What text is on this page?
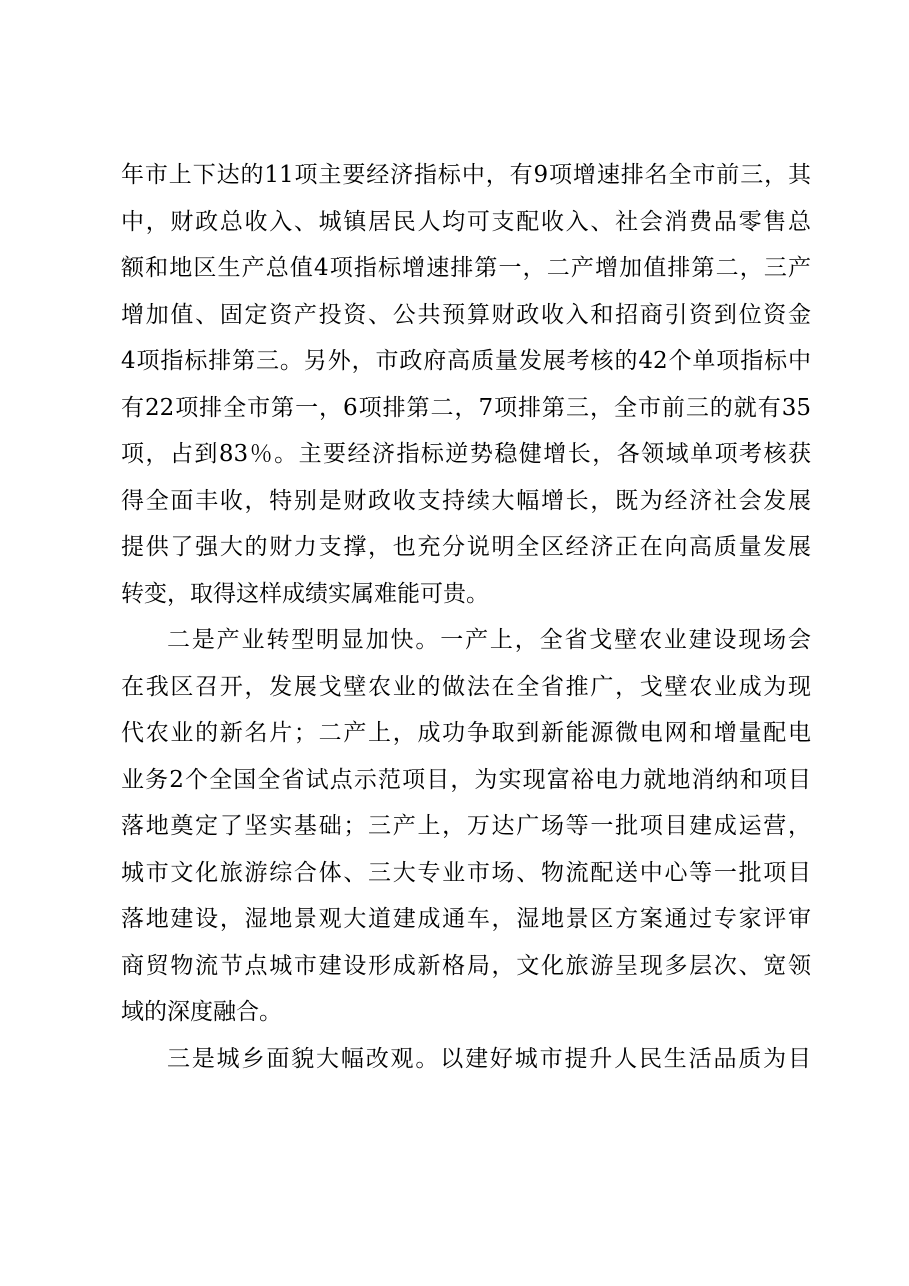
年市上下达的11项主要经济指标中，有9项增速排名全市前三，其
中，财政总收入、城镇居民人均可支配收入、社会消费品零售总
额和地区生产总值4项指标增速排第一，二产增加值排第二，三产
增加值、固定资产投资、公共预算财政收入和招商引资到位资金
4项指标排第三。另外，市政府高质量发展考核的42个单项指标中
有22项排全市第一，6项排第二，7项排第三，全市前三的就有35
项，占到83％。主要经济指标逆势稳健增长，各领域单项考核获
得全面丰收，特别是财政收支持续大幅增长，既为经济社会发展
提供了强大的财力支撑，也充分说明全区经济正在向高质量发展
转变，取得这样成绩实属难能可贵。
二是产业转型明显加快。一产上，全省戈壁农业建设现场会
在我区召开，发展戈壁农业的做法在全省推广，戈壁农业成为现
代农业的新名片；二产上，成功争取到新能源微电网和增量配电
业务2个全国全省试点示范项目，为实现富裕电力就地消纳和项目
落地奠定了坚实基础；三产上，万达广场等一批项目建成运营，
城市文化旅游综合体、三大专业市场、物流配送中心等一批项目
落地建设，湿地景观大道建成通车，湿地景区方案通过专家评审
商贸物流节点城市建设形成新格局，文化旅游呈现多层次、宽领
域的深度融合。
三是城乡面貌大幅改观。以建好城市提升人民生活品质为目
